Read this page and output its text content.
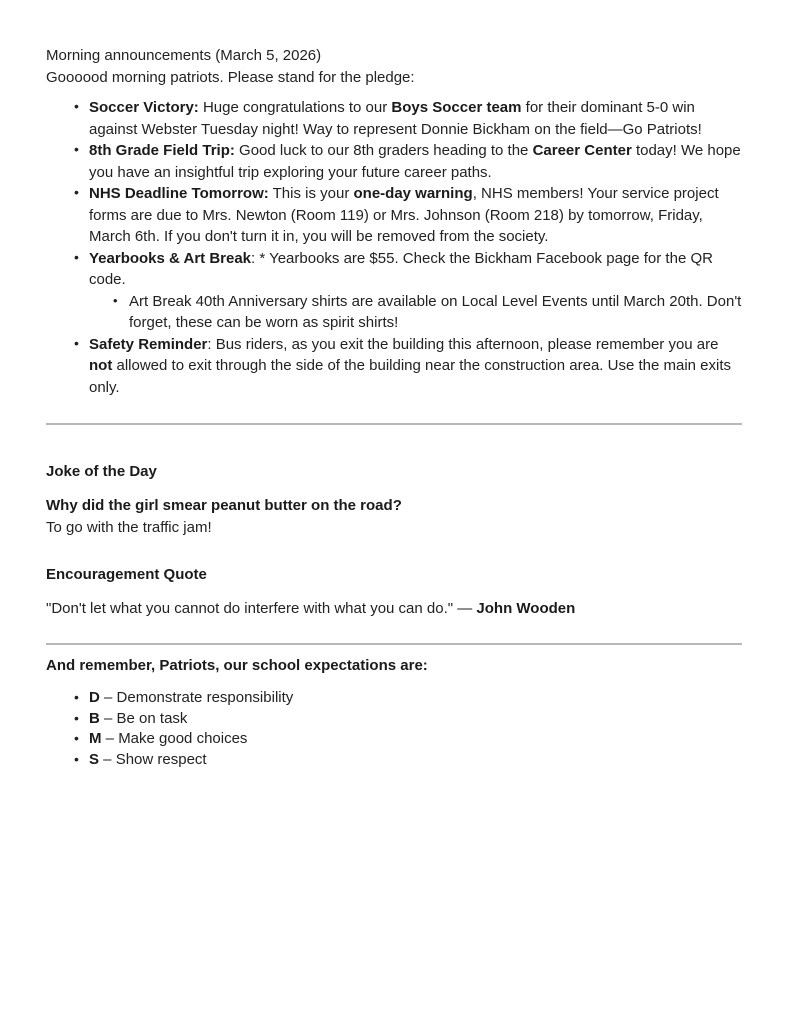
Morning announcements (March 5, 2026)
Goooood morning patriots. Please stand for the pledge:
• Soccer Victory: Huge congratulations to our Boys Soccer team for their dominant 5-0 win against Webster Tuesday night! Way to represent Donnie Bickham on the field—Go Patriots!
• 8th Grade Field Trip: Good luck to our 8th graders heading to the Career Center today! We hope you have an insightful trip exploring your future career paths.
• NHS Deadline Tomorrow: This is your one-day warning, NHS members! Your service project forms are due to Mrs. Newton (Room 119) or Mrs. Johnson (Room 218) by tomorrow, Friday, March 6th. If you don't turn it in, you will be removed from the society.
• Yearbooks & Art Break: * Yearbooks are $55. Check the Bickham Facebook page for the QR code.
• Art Break 40th Anniversary shirts are available on Local Level Events until March 20th. Don't forget, these can be worn as spirit shirts!
• Safety Reminder: Bus riders, as you exit the building this afternoon, please remember you are not allowed to exit through the side of the building near the construction area. Use the main exits only.
Joke of the Day
Why did the girl smear peanut butter on the road?
To go with the traffic jam!
Encouragement Quote
"Don't let what you cannot do interfere with what you can do." — John Wooden
And remember, Patriots, our school expectations are:
• D – Demonstrate responsibility
• B – Be on task
• M – Make good choices
• S – Show respect
